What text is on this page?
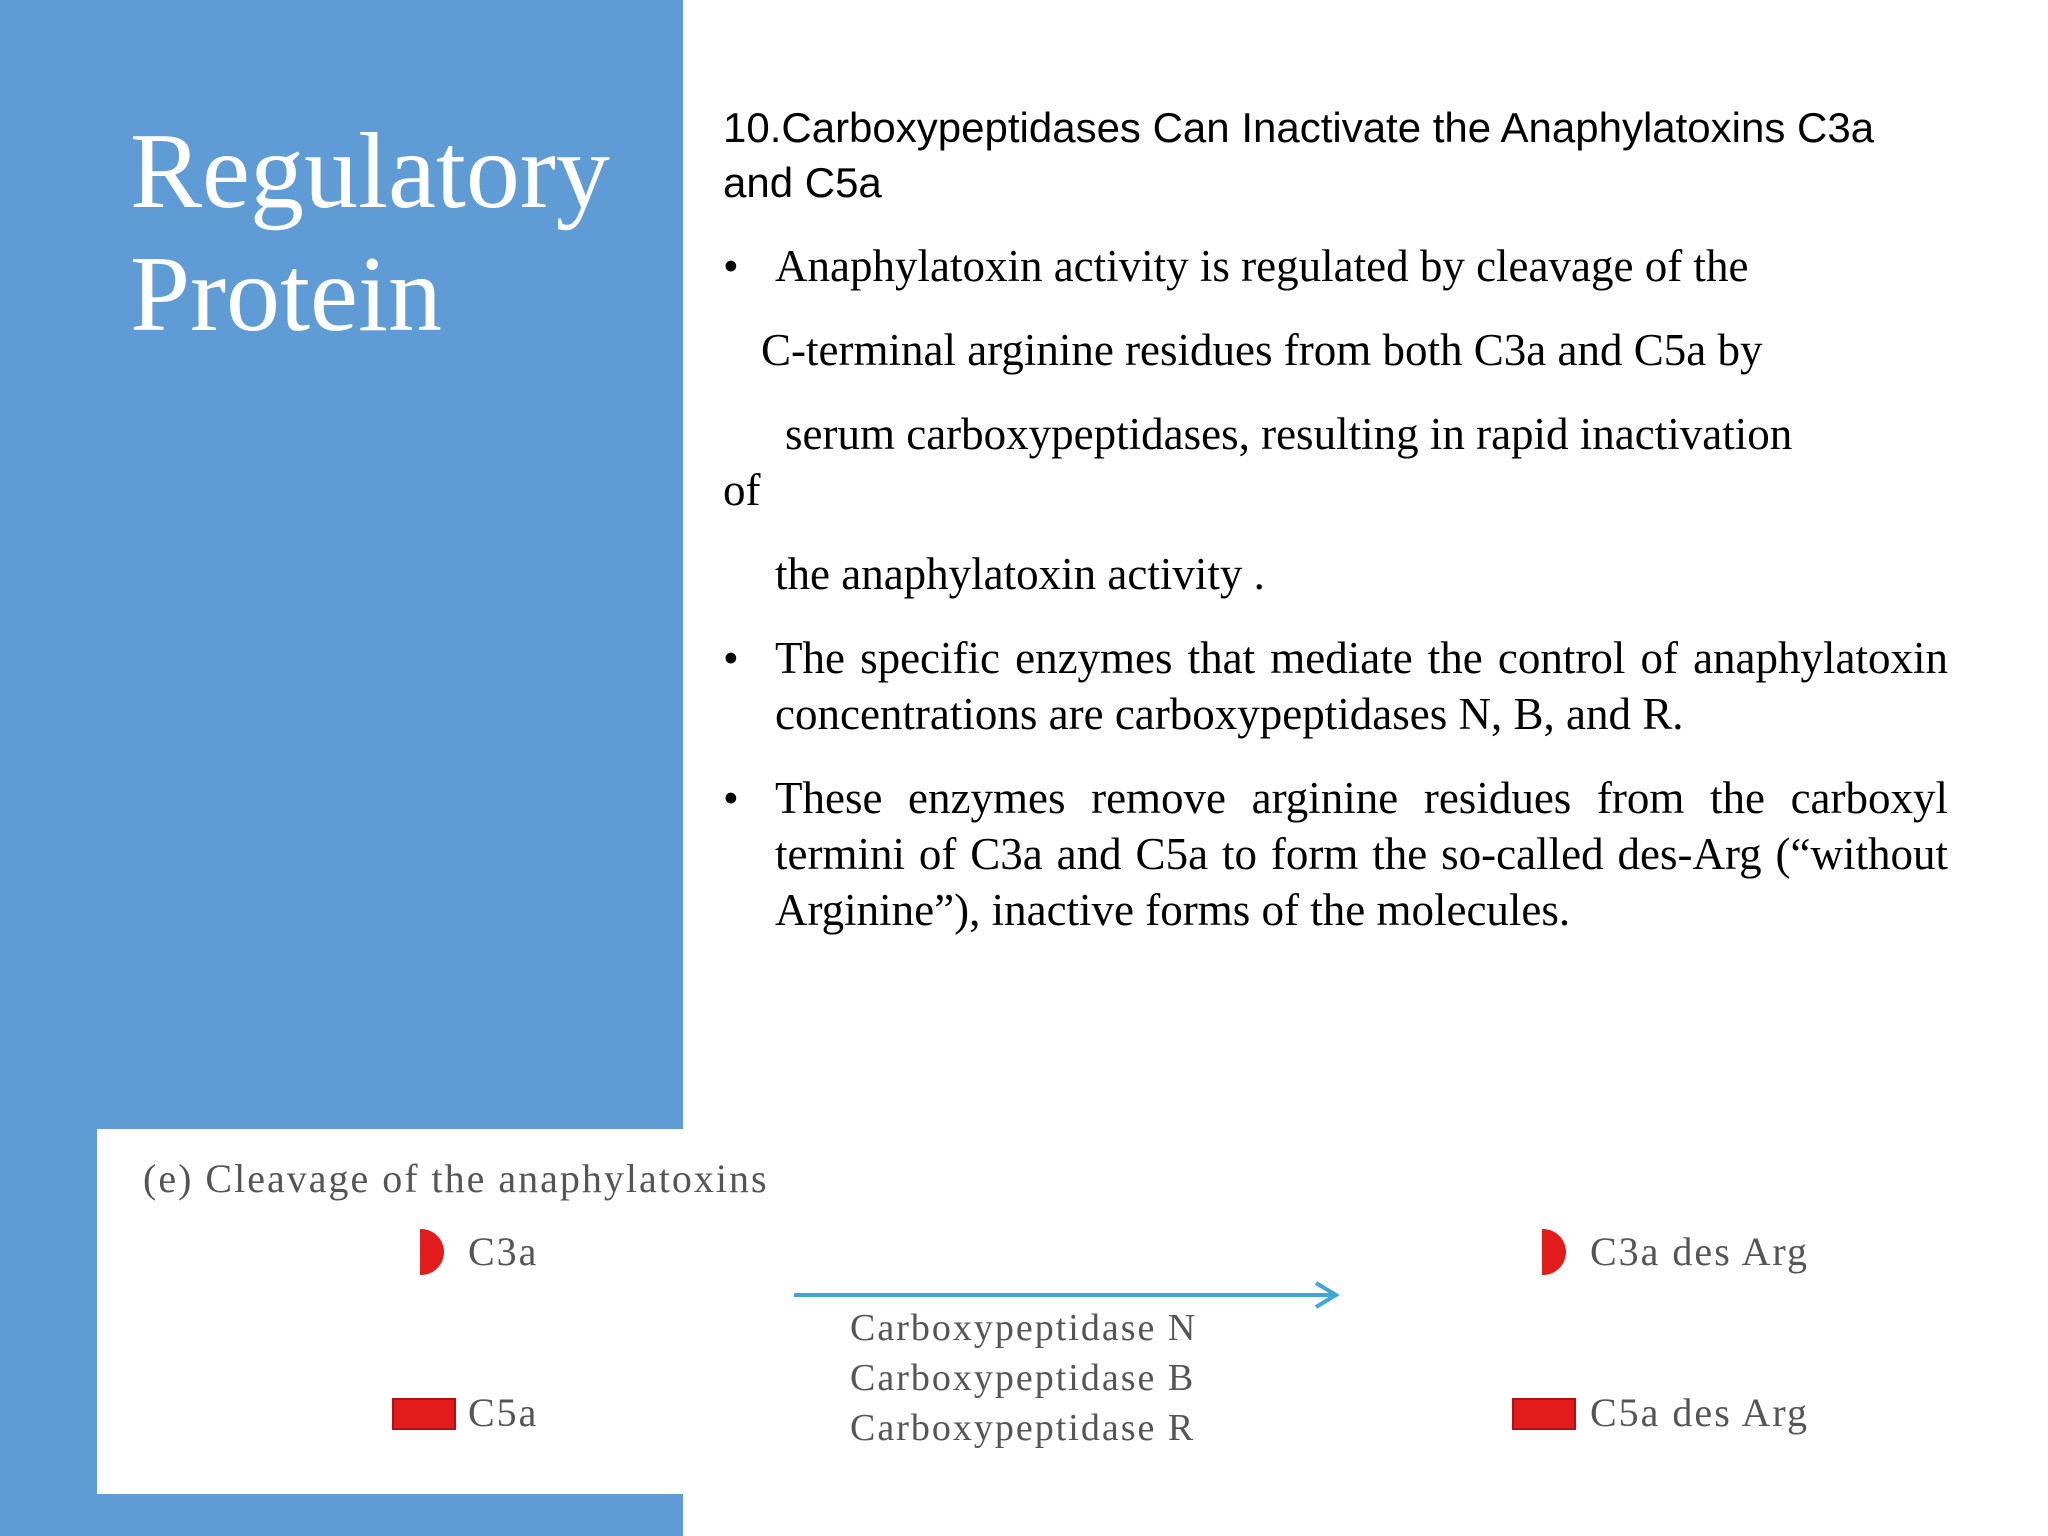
Regulatory Protein
10.Carboxypeptidases Can Inactivate the Anaphylatoxins C3a and C5a
• Anaphylatoxin activity is regulated by cleavage of the
C-terminal arginine residues from both C3a and C5a by
serum carboxypeptidases, resulting in rapid inactivation
of
the anaphylatoxin activity .
• The specific enzymes that mediate the control of anaphylatoxin concentrations are carboxypeptidases N, B, and R.
• These enzymes remove arginine residues from the carboxyl termini of C3a and C5a to form the so-called des-Arg (“without Arginine”), inactive forms of the molecules.
(e) Cleavage of the anaphylatoxins
C3a
C5a
Carboxypeptidase N
Carboxypeptidase B
Carboxypeptidase R
C3a des Arg
C5a des Arg
